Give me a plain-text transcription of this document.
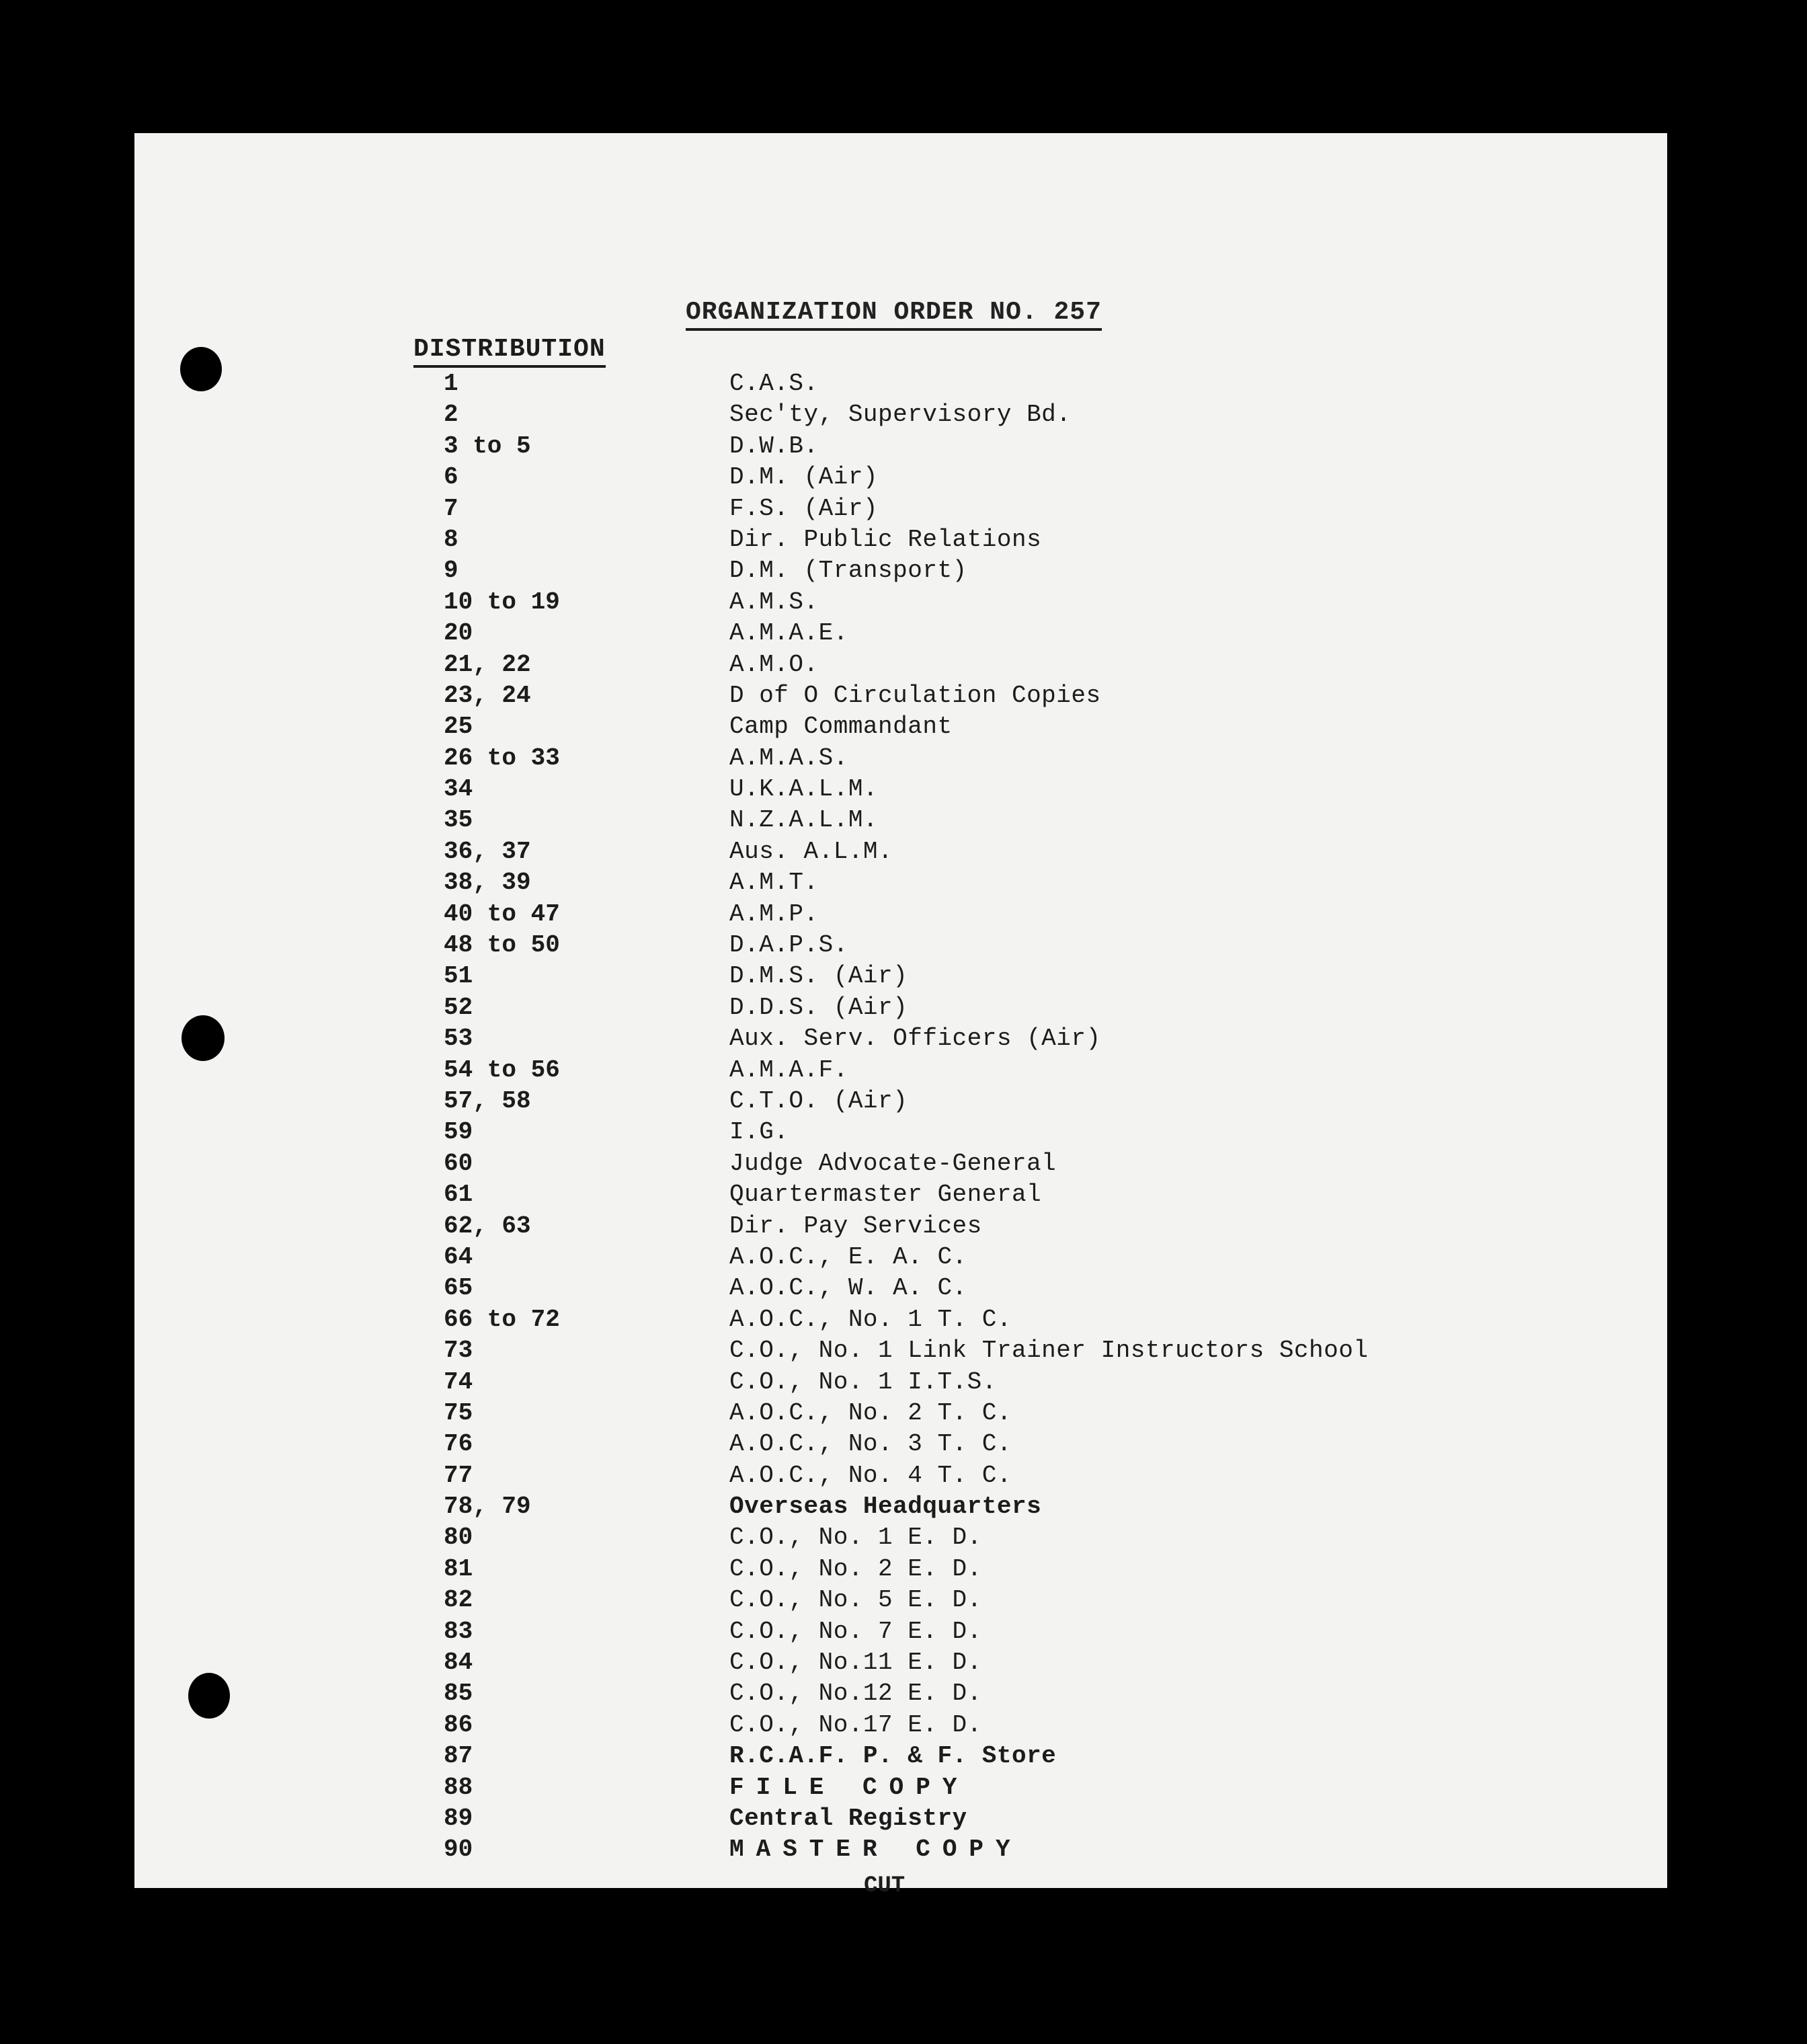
ORGANIZATION ORDER NO. 257
DISTRIBUTION
1	C.A.S.
2	Sec'ty, Supervisory Bd.
3 to 5	D.W.B.
6	D.M. (Air)
7	F.S. (Air)
8	Dir. Public Relations
9	D.M. (Transport)
10 to 19	A.M.S.
20	A.M.A.E.
21, 22	A.M.O.
23, 24	D of O Circulation Copies
25	Camp Commandant
26 to 33	A.M.A.S.
34	U.K.A.L.M.
35	N.Z.A.L.M.
36, 37	Aus. A.L.M.
38, 39	A.M.T.
40 to 47	A.M.P.
48 to 50	D.A.P.S.
51	D.M.S. (Air)
52	D.D.S. (Air)
53	Aux. Serv. Officers (Air)
54 to 56	A.M.A.F.
57, 58	C.T.O. (Air)
59	I.G.
60	Judge Advocate-General
61	Quartermaster General
62, 63	Dir. Pay Services
64	A.O.C., E. A. C.
65	A.O.C., W. A. C.
66 to 72	A.O.C., No. 1 T. C.
73	C.O., No. 1 Link Trainer Instructors School
74	C.O., No. 1 I.T.S.
75	A.O.C., No. 2 T. C.
76	A.O.C., No. 3 T. C.
77	A.O.C., No. 4 T. C.
78, 79	Overseas Headquarters
80	C.O., No. 1 E. D.
81	C.O., No. 2 E. D.
82	C.O., No. 5 E. D.
83	C.O., No. 7 E. D.
84	C.O., No.11 E. D.
85	C.O., No.12 E. D.
86	C.O., No.17 E. D.
87	R.C.A.F. P. & F. Store
88	FILE COPY
89	Central Registry
90	MASTER COPY
CUT
